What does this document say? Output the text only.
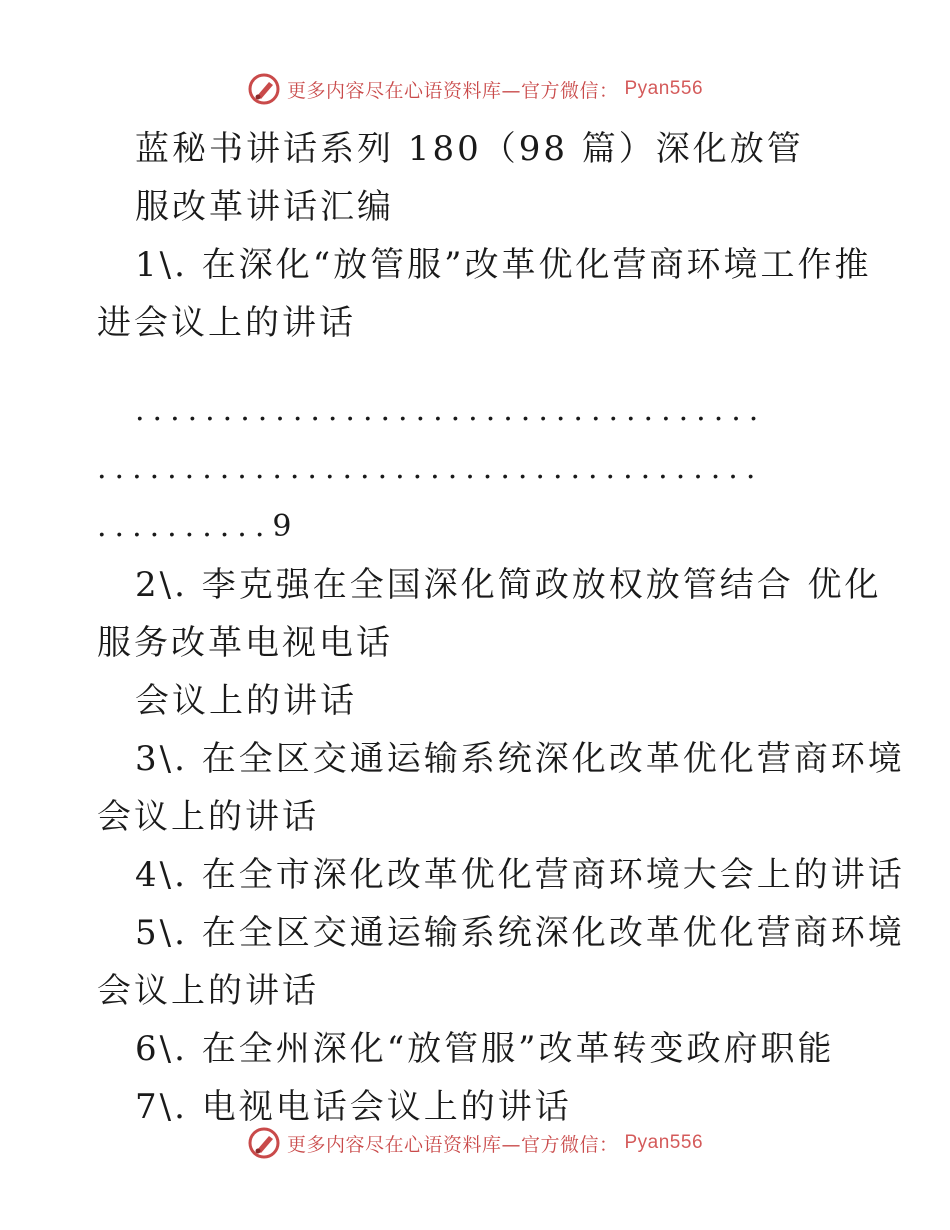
更多内容尽在心语资料库—官方微信： Pyan556
蓝秘书讲话系列 180（98 篇）深化放管
服改革讲话汇编
1\. 在深化“放管服”改革优化营商环境工作推
进会议上的讲话
....................................
......................................
..........9
2\. 李克强在全国深化简政放权放管结合 优化
服务改革电视电话
会议上的讲话
3\. 在全区交通运输系统深化改革优化营商环境
会议上的讲话
4\. 在全市深化改革优化营商环境大会上的讲话
5\. 在全区交通运输系统深化改革优化营商环境
会议上的讲话
6\. 在全州深化“放管服”改革转变政府职能
7\. 电视电话会议上的讲话
更多内容尽在心语资料库—官方微信： Pyan556
